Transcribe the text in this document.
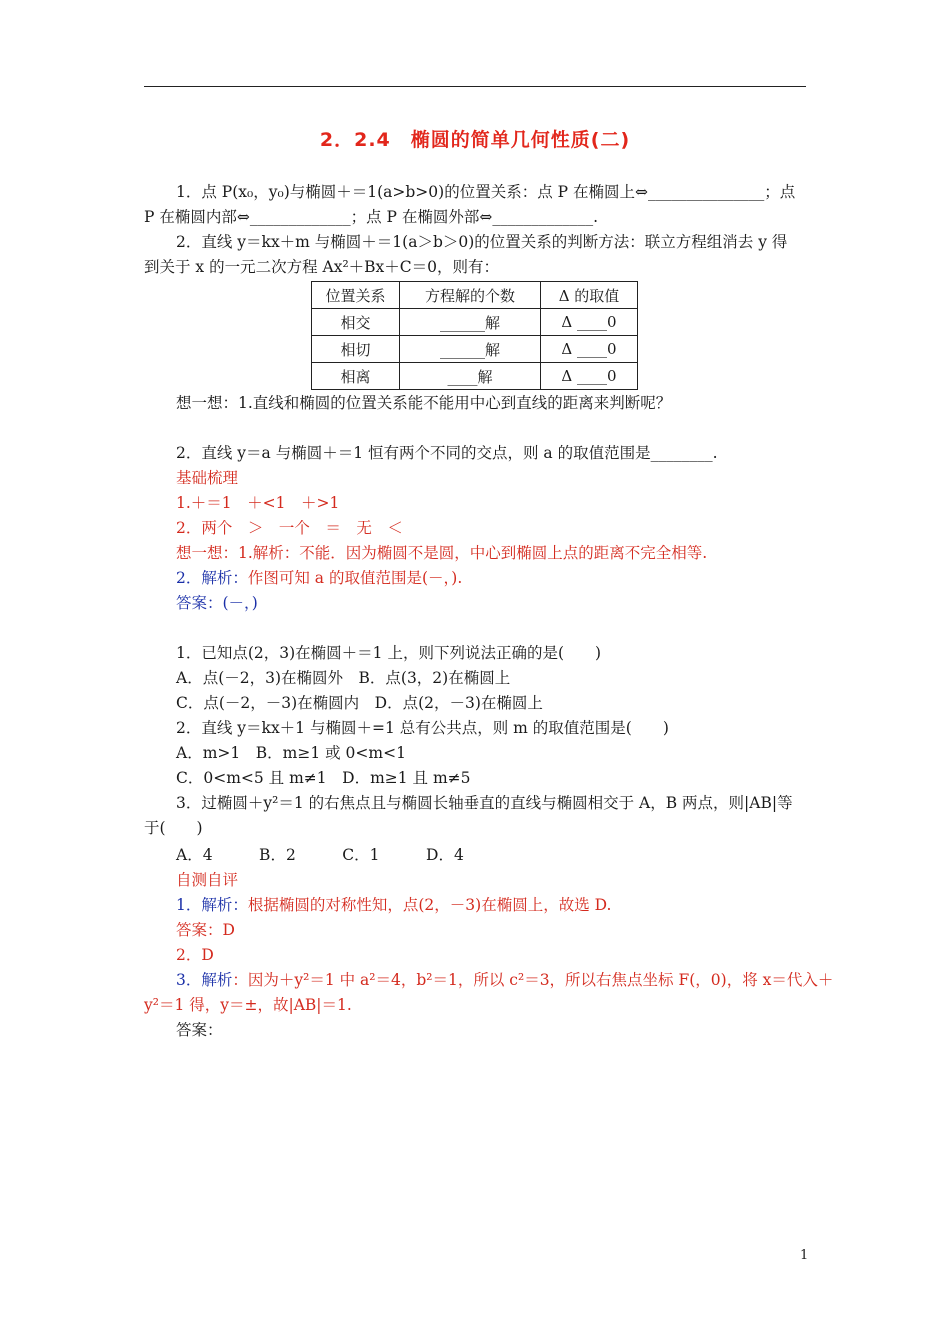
2．2.4　椭圆的简单几何性质(二)
1．点 P(x₀，y₀)与椭圆＋＝1(a>b>0)的位置关系：点 P 在椭圆上⇔_______________；点
P 在椭圆内部⇔_____________；点 P 在椭圆外部⇔_____________.
2．直线 y＝kx＋m 与椭圆＋＝1(a＞b＞0)的位置关系的判断方法：联立方程组消去 y 得
到关于 x 的一元二次方程 Ax²＋Bx＋C＝0，则有：
位置关系	方程解的个数	Δ 的取值
相交	______解	Δ ____0
相切	______解	Δ ____0
相离	____解	Δ ____0
想一想：1.直线和椭圆的位置关系能不能用中心到直线的距离来判断呢？
2．直线 y＝a 与椭圆＋＝1 恒有两个不同的交点，则 a 的取值范围是________.
基础梳理
1.＋＝1　＋<1　＋>1
2．两个　＞　一个　＝　无　＜
想一想：1.解析：不能．因为椭圆不是圆，中心到椭圆上点的距离不完全相等.
2．解析：作图可知 a 的取值范围是(－，).
答案：(－，)
1．已知点(2，3)在椭圆＋＝1 上，则下列说法正确的是(　　)
A．点(－2，3)在椭圆外　B．点(3，2)在椭圆上
C．点(－2，－3)在椭圆内　D．点(2，－3)在椭圆上
2．直线 y＝kx＋1 与椭圆＋=1 总有公共点，则 m 的取值范围是(　　)
A．m>1　B．m≥1 或 0<m<1
C．0<m<5 且 m≠1　D．m≥1 且 m≠5
3．过椭圆＋y²＝1 的右焦点且与椭圆长轴垂直的直线与椭圆相交于 A，B 两点，则|AB|等
于(　　)
A．4　　　B．2　　　C．1　　　D．4
自测自评
1．解析：根据椭圆的对称性知，点(2，－3)在椭圆上，故选 D.
答案：D
2．D
3．解析：因为＋y²＝1 中 a²＝4，b²＝1，所以 c²＝3，所以右焦点坐标 F(，0)，将 x＝代入＋
y²＝1 得，y＝±，故|AB|＝1.
答案：
1
